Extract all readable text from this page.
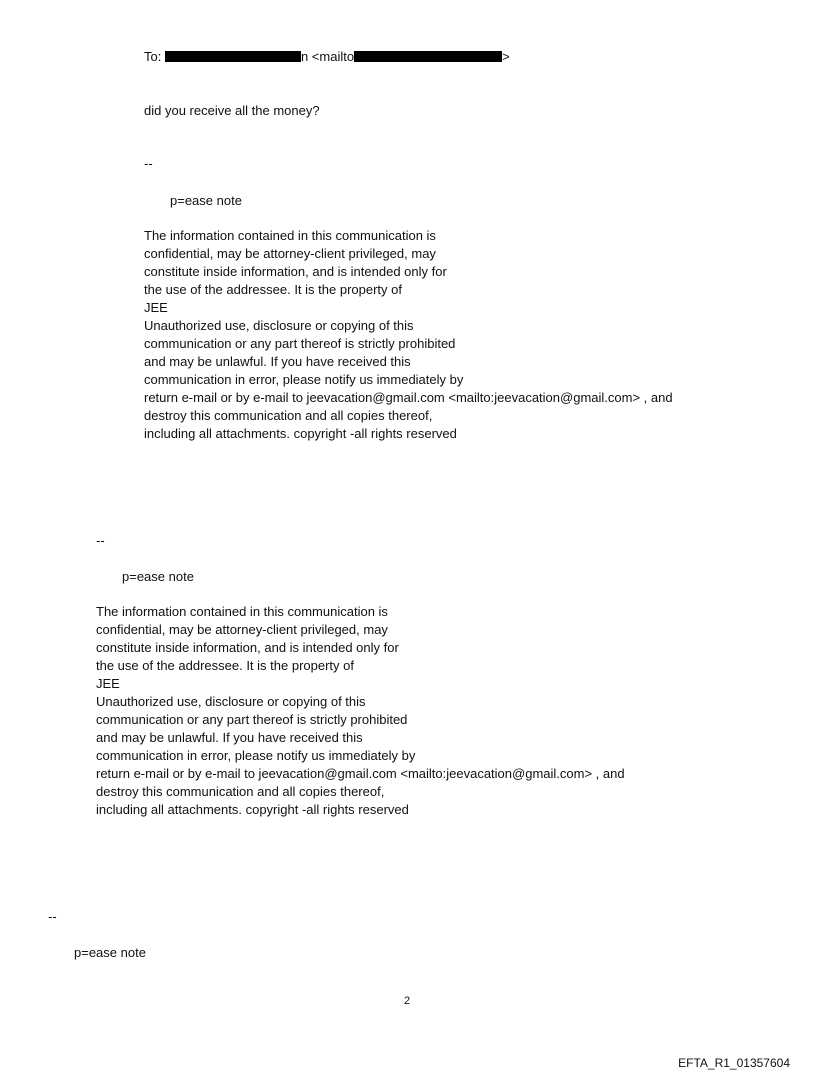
To:	n <mailto	>
did you receive all the money?
--
p=ease note
The information contained in this communication is
confidential, may be attorney-client privileged, may
constitute inside information, and is intended only for
the use of the addressee. It is the property of
JEE
Unauthorized use, disclosure or copying of this
communication or any part thereof is strictly prohibited
and may be unlawful. If you have received this
communication in error, please notify us immediately by
return e-mail or by e-mail to jeevacation@gmail.com <mailto:jeevacation@gmail.com> , and
destroy this communication and all copies thereof,
including all attachments. copyright -all rights reserved
--
p=ease note
The information contained in this communication is
confidential, may be attorney-client privileged, may
constitute inside information, and is intended only for
the use of the addressee. It is the property of
JEE
Unauthorized use, disclosure or copying of this
communication or any part thereof is strictly prohibited
and may be unlawful. If you have received this
communication in error, please notify us immediately by
return e-mail or by e-mail to jeevacation@gmail.com <mailto:jeevacation@gmail.com> , and
destroy this communication and all copies thereof,
including all attachments. copyright -all rights reserved
--
p=ease note
2
EFTA_R1_01357604
